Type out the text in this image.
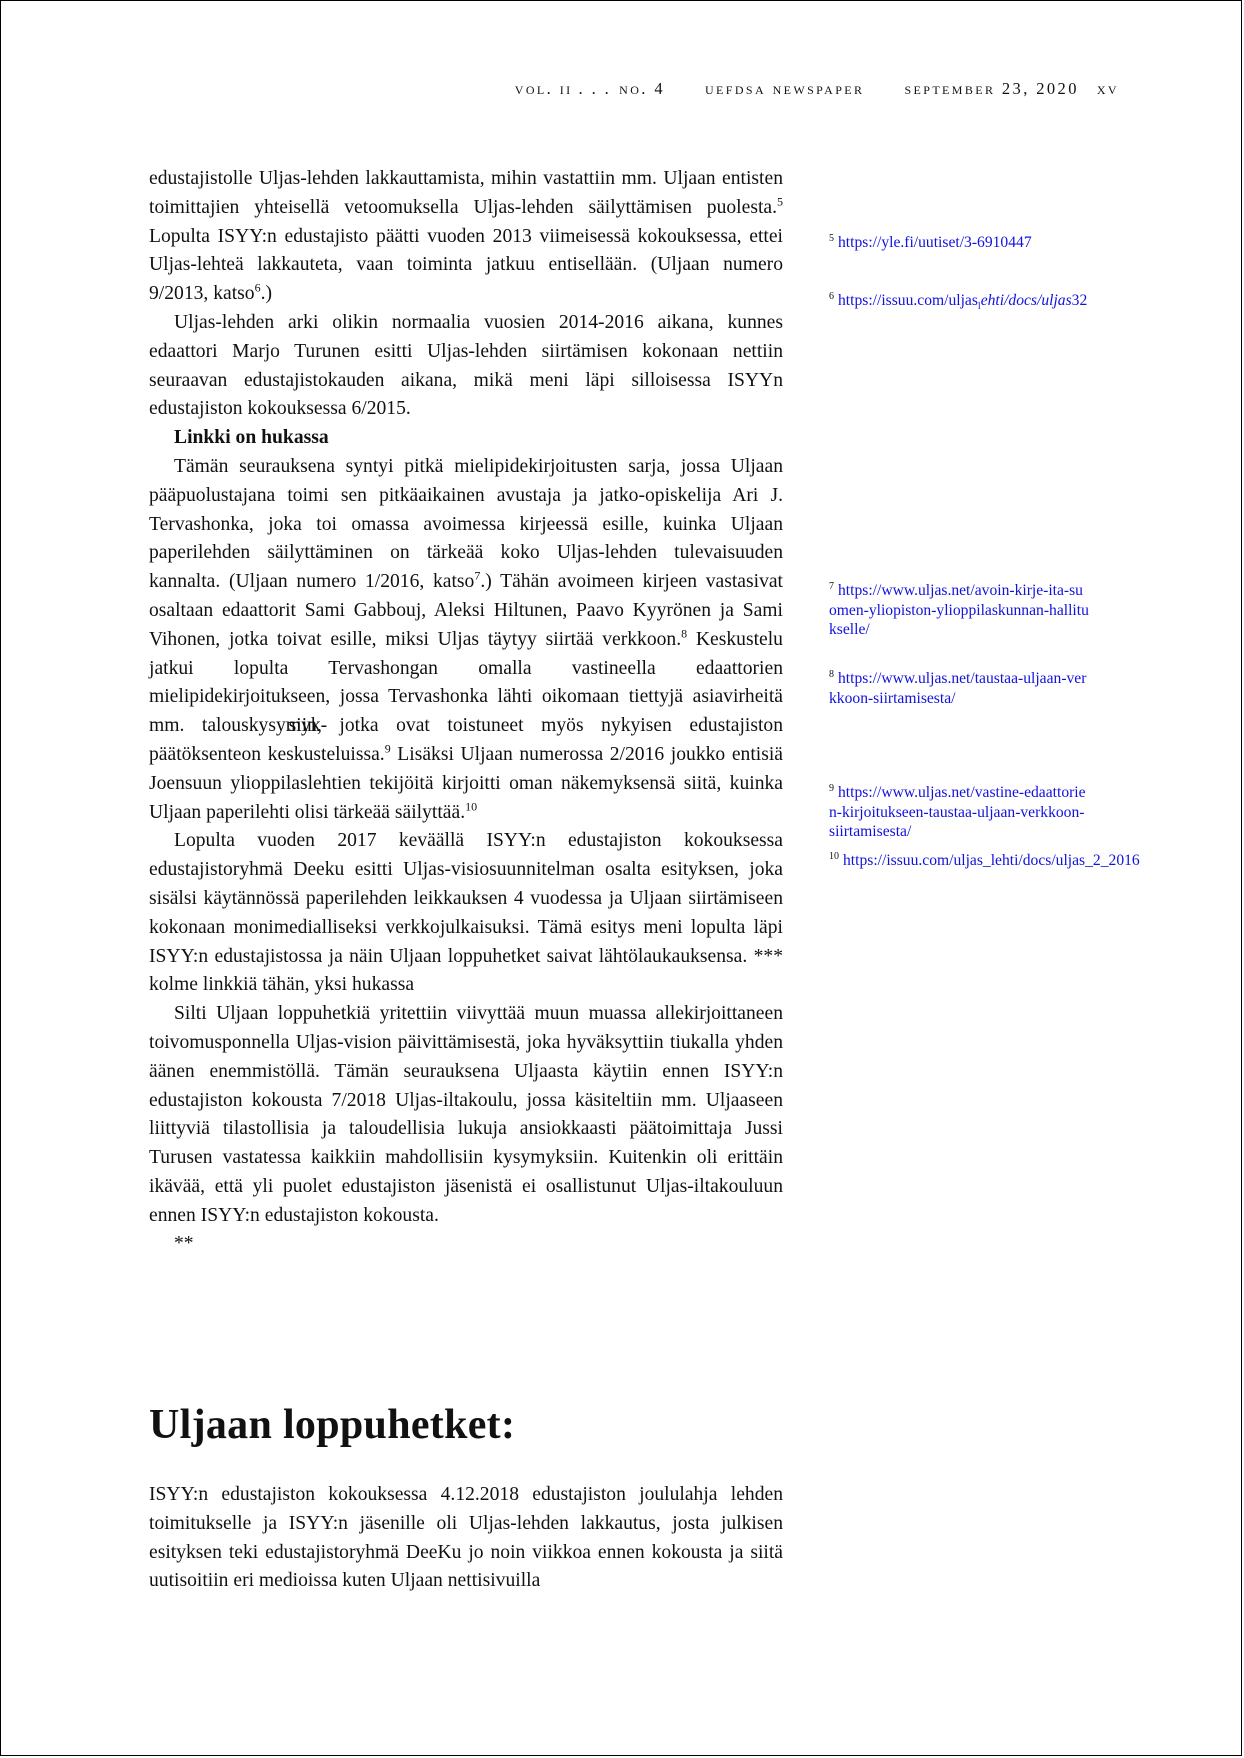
vol. ii . . . no. 4 uefdsa newspaper september 23, 2020 xv

edustajistolle Uljas-lehden lakkauttamista, mihin vastattiin mm. Uljaan entisten toimittajien yhteisellä vetoomuksella Uljas-lehden säilyttämisen puolesta.$^5$ Lopulta ISYY:n edustajisto päätti vuoden 2013 viimeisessä kokouksessa, ettei Uljas-lehteä lakkauteta, vaan toiminta jatkuu entisellään. (Uljaan numero 9/2013, katso$^6$.)

Uljas-lehden arki olikin normaalia vuosien 2014-2016 aikana, kunnes edaattori Marjo Turunen esitti Uljas-lehden siirtämisen kokonaan nettiin seuraavan edustajistokauden aikana, mikä meni läpi silloisessa ISYYn edustajiston kokouksessa 6/2015.

Linkki on hukassa

Tämän seurauksena syntyi pitkä mielipidekirjoitusten sarja, jossa Uljaan pääpuolustajana toimi sen pitkäaikainen avustaja ja jatko-opiskelija Ari J. Tervashonka, joka toi omassa avoimessa kirjeessä esille, kuinka Uljaan paperilehden säilyttäminen on tärkeää koko Uljas-lehden tulevaisuuden kannalta. (Uljaan numero 1/2016, katso$^7$.) Tähän avoimeen kirjeen vastasivat osaltaan edaattorit Sami Gabbouj, Aleksi Hiltunen, Paavo Kyyrönen ja Sami Vihonen, jotka toivat esille, miksi Uljas täytyy siirtää verkkoon.$^8$ Keskustelu jatkui lopulta Tervashongan omalla vastineella edaattorien mielipidekirjoitukseen, jossa Tervashonka lähti oikomaan tiettyjä asiavirheitä mm. talouskysymyk- siin, jotka ovat toistuneet myös nykyisen edustajiston päätöksenteon keskusteluissa.$^9$ Lisäksi Uljaan numerossa 2/2016 joukko entisiä Joensuun ylioppilaslehtien tekijöitä kirjoitti oman näkemyksensä siitä, kuinka Uljaan paperilehti olisi tärkeää säilyttää.$^{10}$

Lopulta vuoden 2017 keväällä ISYY:n edustajiston kokouksessa edustajistoryhmä Deeku esitti Uljas-visiosuunnitelman osalta esityksen, joka sisälsi käytännössä paperilehden leikkauksen 4 vuodessa ja Uljaan siirtämiseen kokonaan monimedialliseksi verkkojulkaisuksi. Tämä esitys meni lopulta läpi ISYY:n edustajistossa ja näin Uljaan loppuhetket saivat lähtölaukauksensa. *** kolme linkkiä tähän, yksi hukassa

Silti Uljaan loppuhetkiä yritettiin viivyttää muun muassa allekirjoittaneen toivomusponnella Uljas-vision päivittämisestä, joka hyväksyttiin tiukalla yhden äänen enemmistöllä. Tämän seurauksena Uljaasta käytiin ennen ISYY:n edustajiston kokousta 7/2018 Uljas-iltakoulu, jossa käsiteltiin mm. Uljaaseen liittyviä tilastollisia ja taloudellisia lukuja ansiokkaasti päätoimittaja Jussi Turusen vastatessa kaikkiin mahdollisiin kysymyksiin. Kuitenkin oli erittäin ikävää, että yli puolet edustajiston jäsenistä ei osallistunut Uljas-iltakouluun ennen ISYY:n edustajiston kokousta.

**

Uljaan loppuhetket:

ISYY:n edustajiston kokouksessa 4.12.2018 edustajiston joululahja lehden toimitukselle ja ISYY:n jäsenille oli Uljas-lehden lakkautus, josta julkisen esityksen teki edustajistoryhmä DeeKu jo noin viikkoa ennen kokousta ja siitä uutisoitiin eri medioissa kuten Uljaan nettisivuilla

$^5$ https://yle.fi/uutiset/3-6910447
$^6$ https://issuu.com/uljas$_l$ehti/docs/uljas32
$^7$ https://www.uljas.net/avoin-kirje-ita-suomen-yliopiston-ylioppilaskunnan-hallitukselle/
$^8$ https://www.uljas.net/taustaa-uljaan-verkkoon-siirtamisesta/
$^9$ https://www.uljas.net/vastine-edaattorien-kirjoitukseen-taustaa-uljaan-verkkoon-siirtamisesta/
$^{10}$ https://issuu.com/uljas_lehti/docs/uljas_2_2016
